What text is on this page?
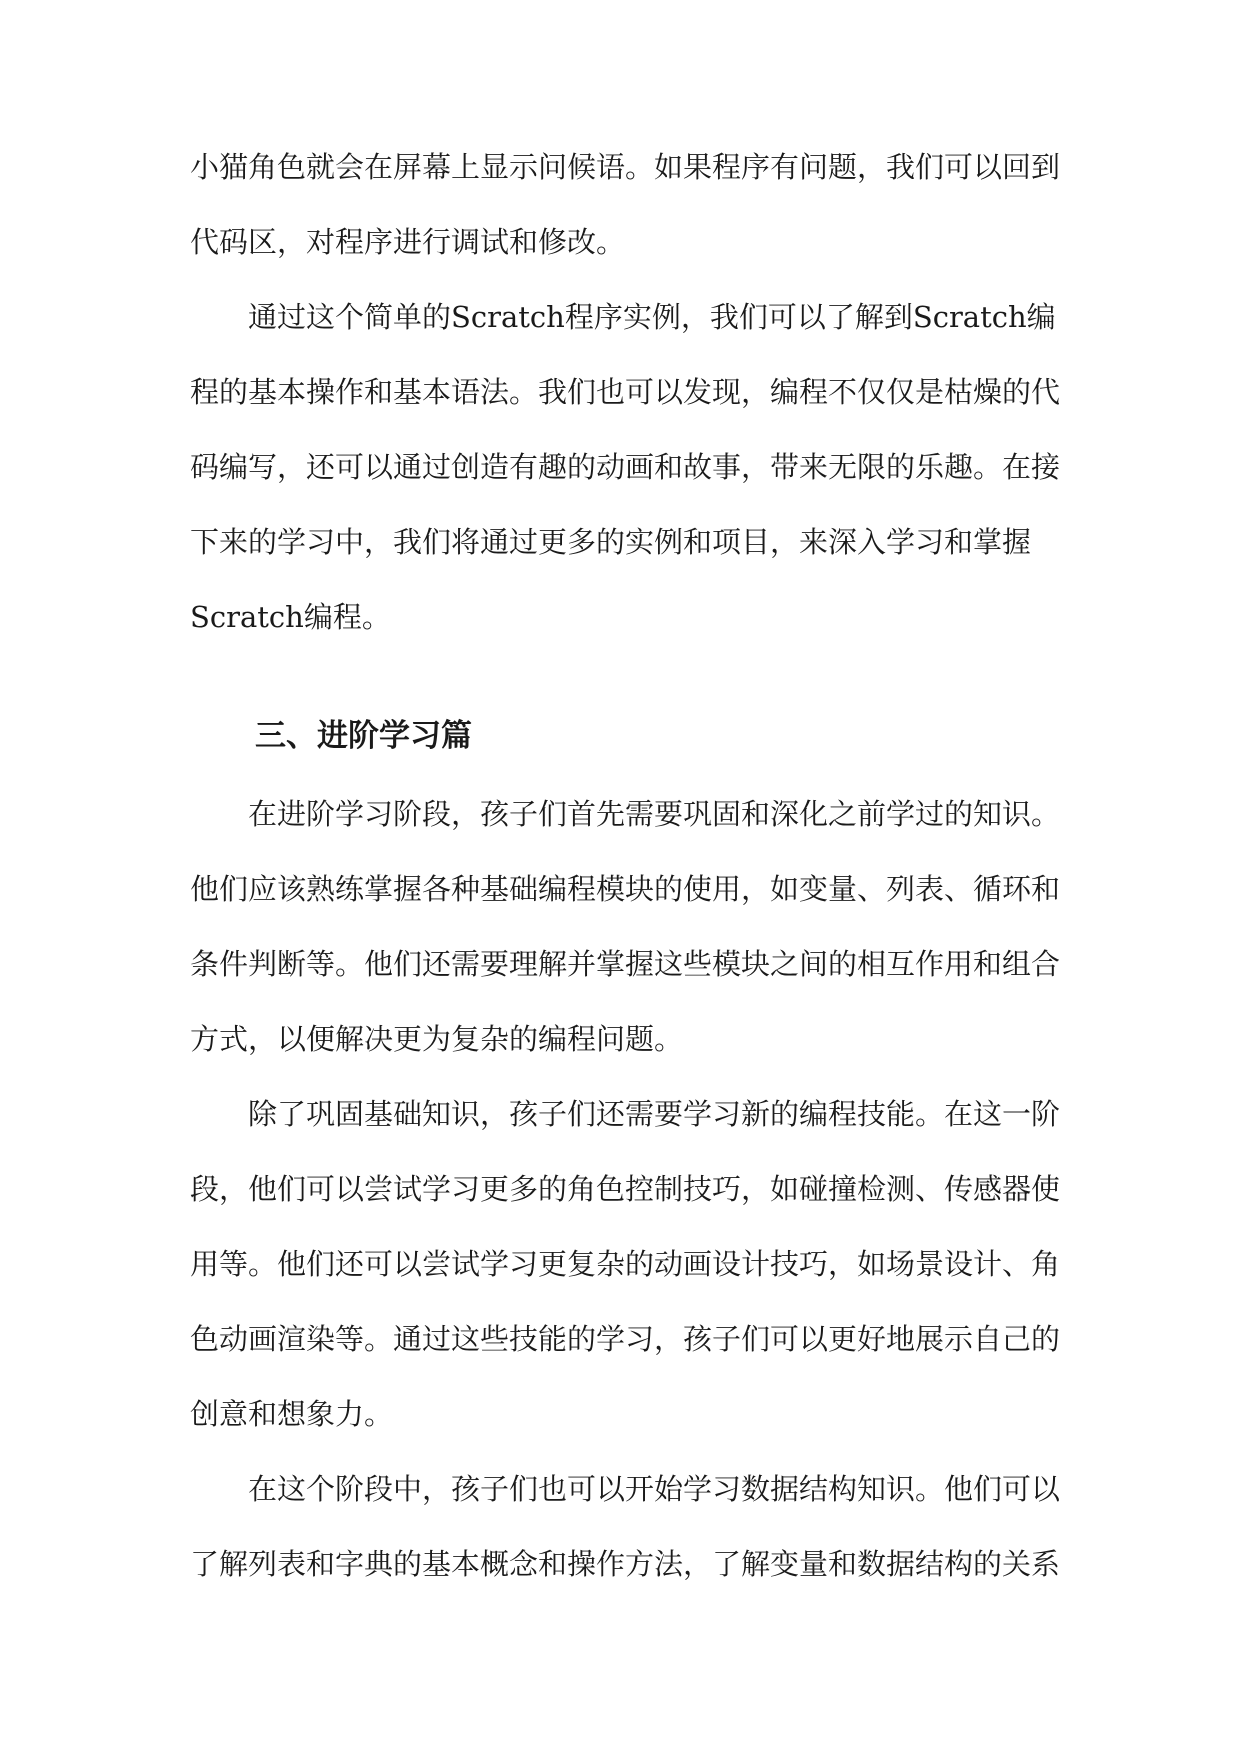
小猫角色就会在屏幕上显示问候语。如果程序有问题，我们可以回到

代码区，对程序进行调试和修改。

通过这个简单的Scratch程序实例，我们可以了解到Scratch编

程的基本操作和基本语法。我们也可以发现，编程不仅仅是枯燥的代

码编写，还可以通过创造有趣的动画和故事，带来无限的乐趣。在接

下来的学习中，我们将通过更多的实例和项目，来深入学习和掌握

Scratch编程。

三、进阶学习篇

在进阶学习阶段，孩子们首先需要巩固和深化之前学过的知识。

他们应该熟练掌握各种基础编程模块的使用，如变量、列表、循环和

条件判断等。他们还需要理解并掌握这些模块之间的相互作用和组合

方式，以便解决更为复杂的编程问题。

除了巩固基础知识，孩子们还需要学习新的编程技能。在这一阶

段，他们可以尝试学习更多的角色控制技巧，如碰撞检测、传感器使

用等。他们还可以尝试学习更复杂的动画设计技巧，如场景设计、角

色动画渲染等。通过这些技能的学习，孩子们可以更好地展示自己的

创意和想象力。

在这个阶段中，孩子们也可以开始学习数据结构知识。他们可以

了解列表和字典的基本概念和操作方法，了解变量和数据结构的关系
